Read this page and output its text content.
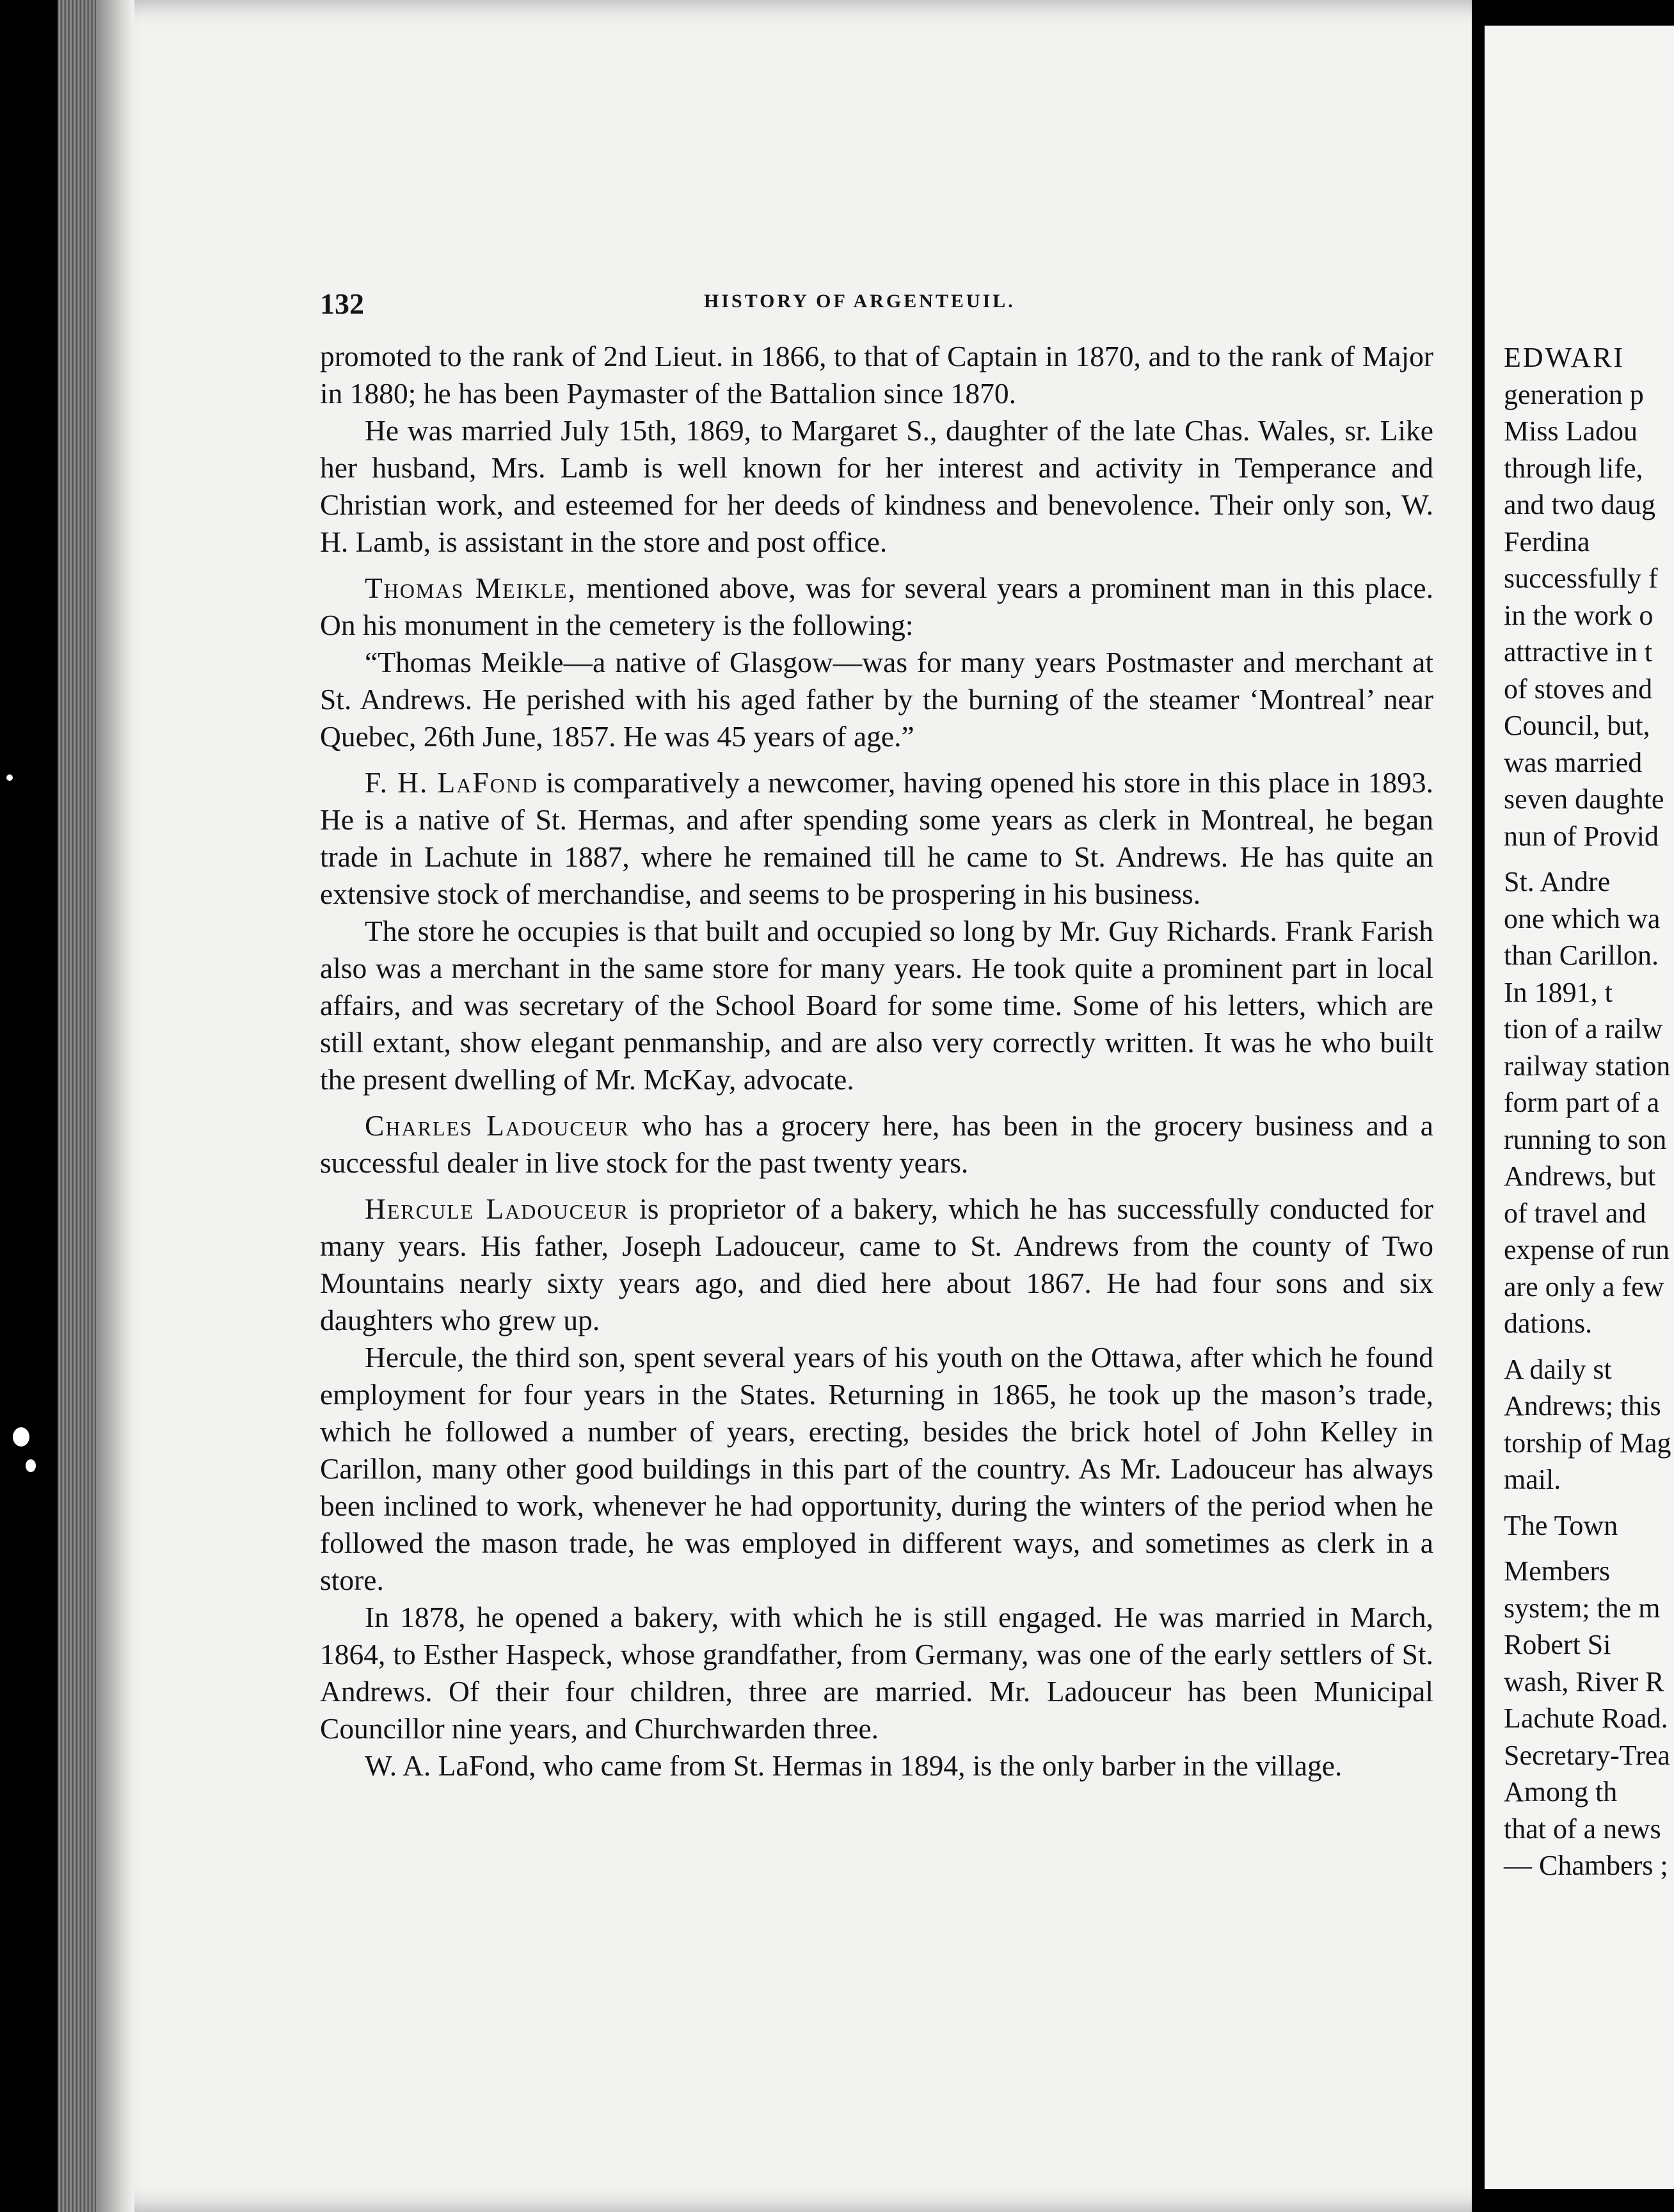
EDWARI
generation p
Miss Ladou
through life,
and two daug
Ferdina
successfully f
in the work o
attractive in t
of stoves and
Council, but,
was married
seven daughte
nun of Provid
St. Andre
one which wa
than Carillon.
In 1891, t
tion of a railw
railway station
form part of a
running to son
Andrews, but
of travel and
expense of run
are only a few
dations.
A daily st
Andrews; this
torship of Mag
mail.
The Town
Members
system; the m
Robert Si
wash, River R
Lachute Road.
Secretary-Trea
Among th
that of a news
— Chambers ;
132	HISTORY OF ARGENTEUIL.

promoted to the rank of 2nd Lieut. in 1866, to that of Captain in 1870, and to the rank of Major in 1880; he has been Paymaster of the Battalion since 1870.

He was married July 15th, 1869, to Margaret S., daughter of the late Chas. Wales, sr. Like her husband, Mrs. Lamb is well known for her interest and activity in Temperance and Christian work, and esteemed for her deeds of kindness and benevolence. Their only son, W. H. Lamb, is assistant in the store and post office.

Thomas Meikle, mentioned above, was for several years a prominent man in this place. On his monument in the cemetery is the following:

“Thomas Meikle—a native of Glasgow—was for many years Postmaster and merchant at St. Andrews. He perished with his aged father by the burning of the steamer ‘Montreal’ near Quebec, 26th June, 1857. He was 45 years of age.”

F. H. LaFond is comparatively a newcomer, having opened his store in this place in 1893. He is a native of St. Hermas, and after spending some years as clerk in Montreal, he began trade in Lachute in 1887, where he remained till he came to St. Andrews. He has quite an extensive stock of merchandise, and seems to be prospering in his business.

The store he occupies is that built and occupied so long by Mr. Guy Richards. Frank Farish also was a merchant in the same store for many years. He took quite a prominent part in local affairs, and was secretary of the School Board for some time. Some of his letters, which are still extant, show elegant penmanship, and are also very correctly written. It was he who built the present dwelling of Mr. McKay, advocate.

Charles Ladouceur who has a grocery here, has been in the grocery business and a successful dealer in live stock for the past twenty years.

Hercule Ladouceur is proprietor of a bakery, which he has successfully conducted for many years. His father, Joseph Ladouceur, came to St. Andrews from the county of Two Mountains nearly sixty years ago, and died here about 1867. He had four sons and six daughters who grew up.

Hercule, the third son, spent several years of his youth on the Ottawa, after which he found employment for four years in the States. Returning in 1865, he took up the mason’s trade, which he followed a number of years, erecting, besides the brick hotel of John Kelley in Carillon, many other good buildings in this part of the country. As Mr. Ladouceur has always been inclined to work, whenever he had opportunity, during the winters of the period when he followed the mason trade, he was employed in different ways, and sometimes as clerk in a store.

In 1878, he opened a bakery, with which he is still engaged. He was married in March, 1864, to Esther Haspeck, whose grandfather, from Germany, was one of the early settlers of St. Andrews. Of their four children, three are married. Mr. Ladouceur has been Municipal Councillor nine years, and Churchwarden three.

W. A. LaFond, who came from St. Hermas in 1894, is the only barber in the village.
